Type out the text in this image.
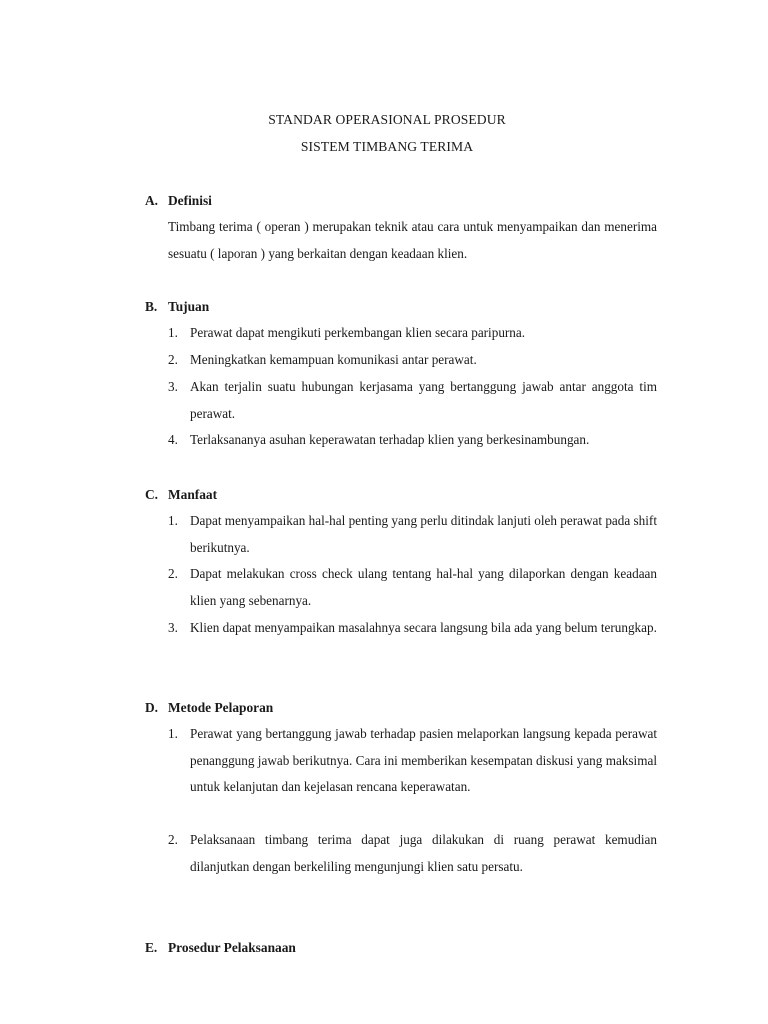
STANDAR OPERASIONAL PROSEDUR
SISTEM TIMBANG TERIMA
A. Definisi
Timbang terima ( operan ) merupakan teknik atau cara untuk menyampaikan dan menerima sesuatu ( laporan ) yang berkaitan dengan keadaan klien.
B. Tujuan
1. Perawat dapat mengikuti perkembangan klien secara paripurna.
2. Meningkatkan kemampuan komunikasi antar perawat.
3. Akan terjalin suatu hubungan kerjasama yang bertanggung jawab antar anggota tim perawat.
4. Terlaksananya asuhan keperawatan terhadap klien yang berkesinambungan.
C. Manfaat
1. Dapat menyampaikan hal-hal penting yang perlu ditindak lanjuti oleh perawat pada shift berikutnya.
2. Dapat melakukan cross check ulang tentang hal-hal yang dilaporkan dengan keadaan klien yang sebenarnya.
3. Klien dapat menyampaikan masalahnya secara langsung bila ada yang belum terungkap.
D. Metode Pelaporan
1. Perawat yang bertanggung jawab terhadap pasien melaporkan langsung kepada perawat penanggung jawab berikutnya. Cara ini memberikan kesempatan diskusi yang maksimal untuk kelanjutan dan kejelasan rencana keperawatan.
2. Pelaksanaan timbang terima dapat juga dilakukan di ruang perawat kemudian dilanjutkan dengan berkeliling mengunjungi klien satu persatu.
E. Prosedur Pelaksanaan
